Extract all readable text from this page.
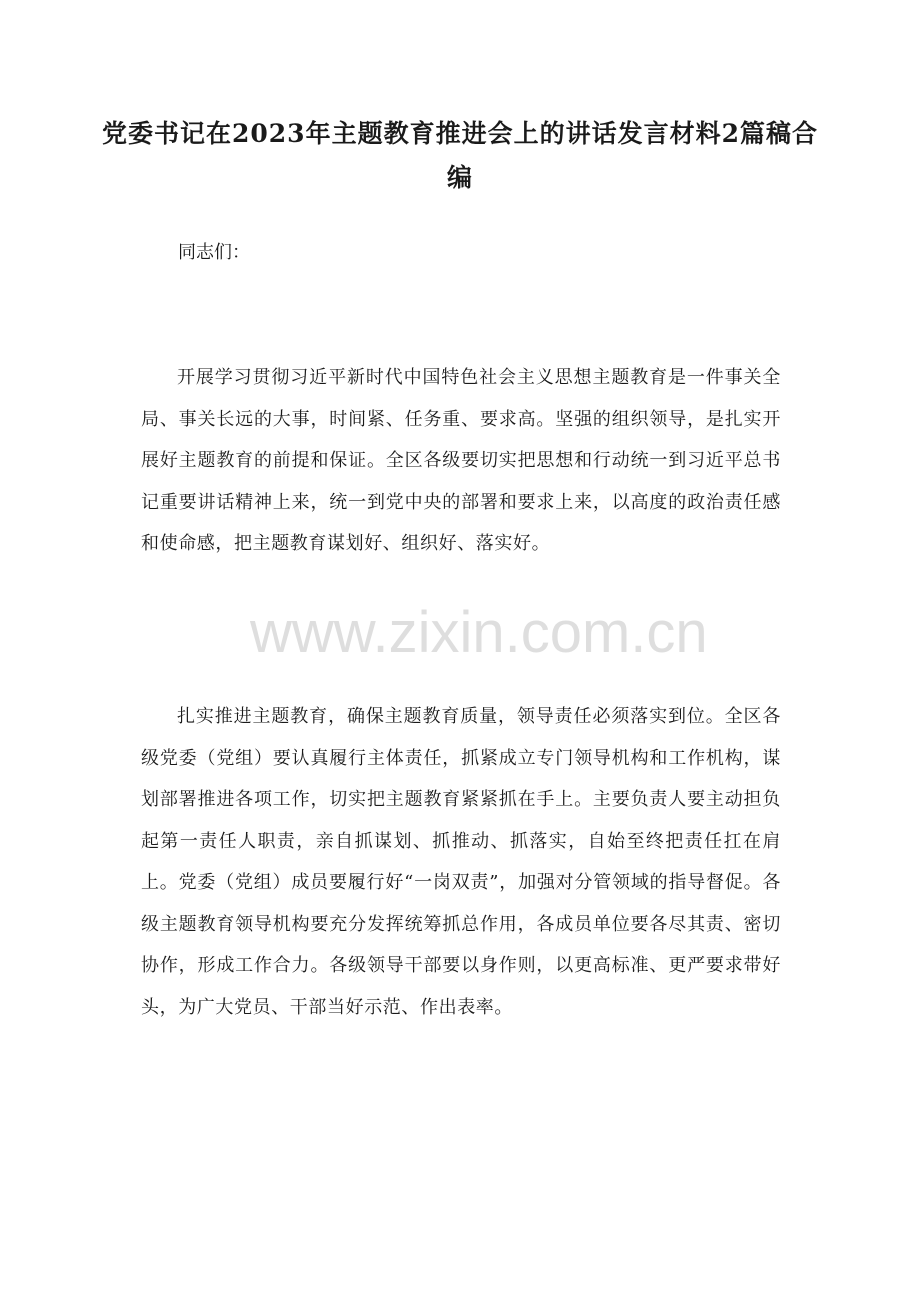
党委书记在2023年主题教育推进会上的讲话发言材料2篇稿合编

同志们：

开展学习贯彻习近平新时代中国特色社会主义思想主题教育是一件事关全局、事关长远的大事，时间紧、任务重、要求高。坚强的组织领导，是扎实开展好主题教育的前提和保证。全区各级要切实把思想和行动统一到习近平总书记重要讲话精神上来，统一到党中央的部署和要求上来，以高度的政治责任感和使命感，把主题教育谋划好、组织好、落实好。

扎实推进主题教育，确保主题教育质量，领导责任必须落实到位。全区各级党委（党组）要认真履行主体责任，抓紧成立专门领导机构和工作机构，谋划部署推进各项工作，切实把主题教育紧紧抓在手上。主要负责人要主动担负起第一责任人职责，亲自抓谋划、抓推动、抓落实，自始至终把责任扛在肩上。党委（党组）成员要履行好“一岗双责”，加强对分管领域的指导督促。各级主题教育领导机构要充分发挥统筹抓总作用，各成员单位要各尽其责、密切协作，形成工作合力。各级领导干部要以身作则，以更高标准、更严要求带好头，为广大党员、干部当好示范、作出表率。

www.zixin.com.cn
